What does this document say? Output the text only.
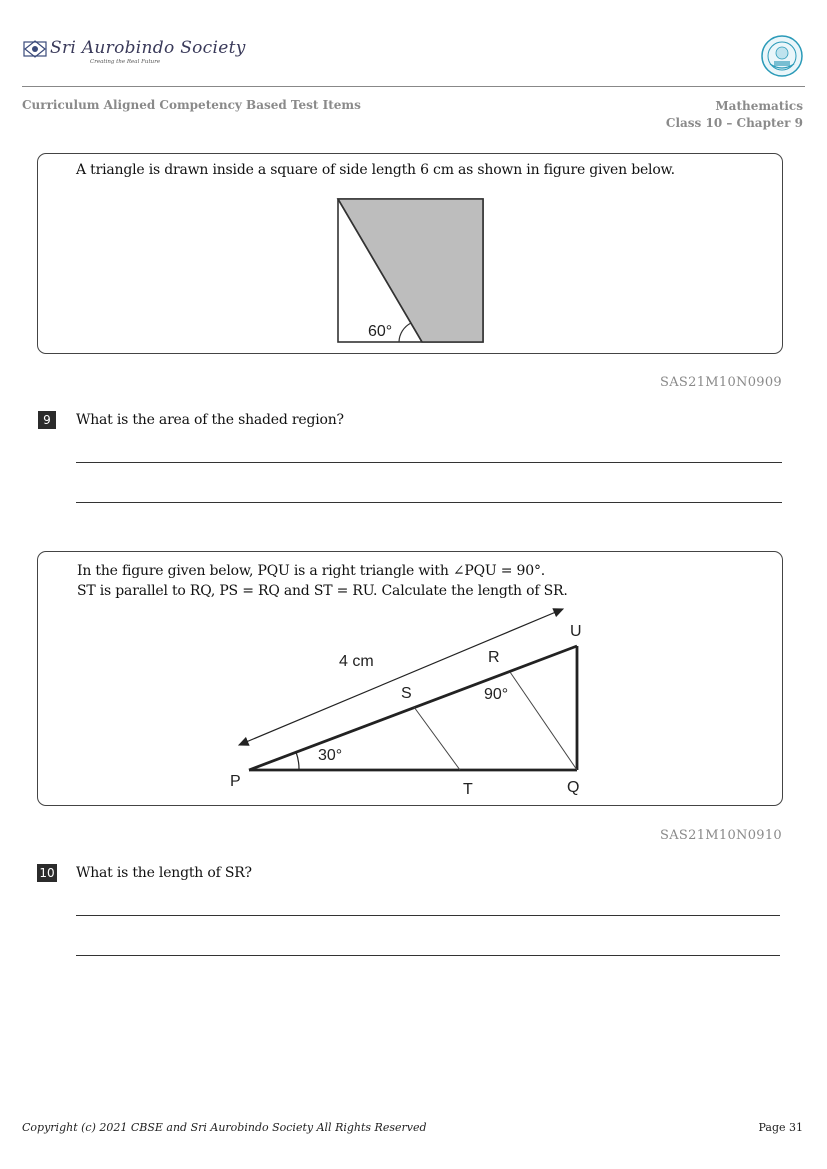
Sri Aurobindo Society
Creating the Real Future
Curriculum Aligned Competency Based Test Items	Mathematics
Class 10 – Chapter 9
A triangle is drawn inside a square of side length 6 cm as shown in figure given below.
60°
SAS21M10N0909
9	What is the area of the shaded region?
In the figure given below, PQU is a right triangle with ∠PQU = 90°.
ST is parallel to RQ, PS = RQ and ST = RU. Calculate the length of SR.
4 cm
P	Q
U
R
S
T
30°
90°
SAS21M10N0910
10 What is the length of SR?
Copyright (c) 2021 CBSE and Sri Aurobindo Society All Rights Reserved	Page 31
